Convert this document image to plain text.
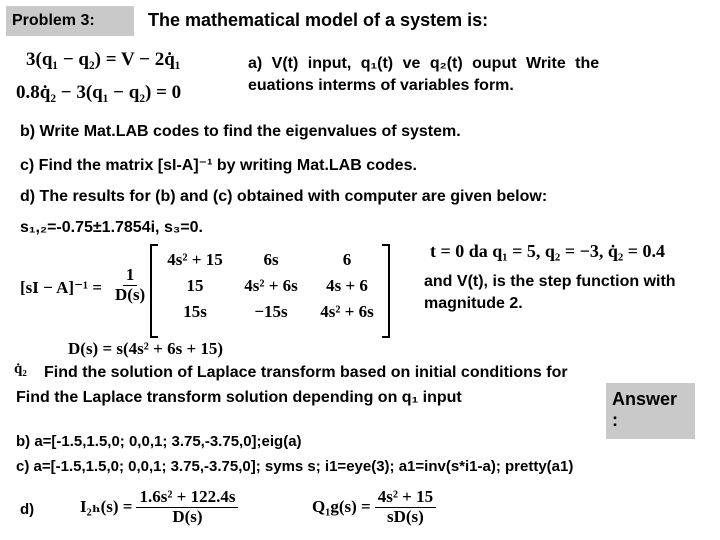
Problem 3:	The mathematical model of a system is:
3(q₁ − q₂) = V − 2q̇₁
0.8q̇₂ − 3(q₁ − q₂) = 0
a) V(t) input, q₁(t) ve q₂(t) ouput Write the
euations interms of variables form.
b) Write Mat.LAB codes to find the eigenvalues of system.
c) Find the matrix [sI-A]⁻¹ by writing Mat.LAB codes.
d) The results for (b) and (c) obtained with computer are given below:
s₁,₂=-0.75±1.7854i, s₃=0.
$[sI - A]^{-1} = \frac{1}{D(s)}$
4s² + 15	6s	6
15	4s² + 6s	4s + 6
15s	−15s	4s² + 6s
D(s) = s(4s² + 6s + 15)
t = 0 da q₁ = 5, q₂ = −3, q̇₂ = 0.4
and V(t), is the step function with
magnitude 2.
q̇₂ Find the solution of Laplace transform based on initial conditions for
Find the Laplace transform solution depending on q₁ input	Answer
:
b) a=[-1.5,1.5,0; 0,0,1; 3.75,-3.75,0];eig(a)
c) a=[-1.5,1.5,0; 0,0,1; 3.75,-3.75,0]; syms s; i1=eye(3); a1=inv(s*i1-a); pretty(a1)
d)	$I_{2h}(s) = \frac{\text{1.6s² + 122.4s}}{D(s)}$	$Q_1g(s) = \frac{\text{4s² + 15}}{sD(s)}$
